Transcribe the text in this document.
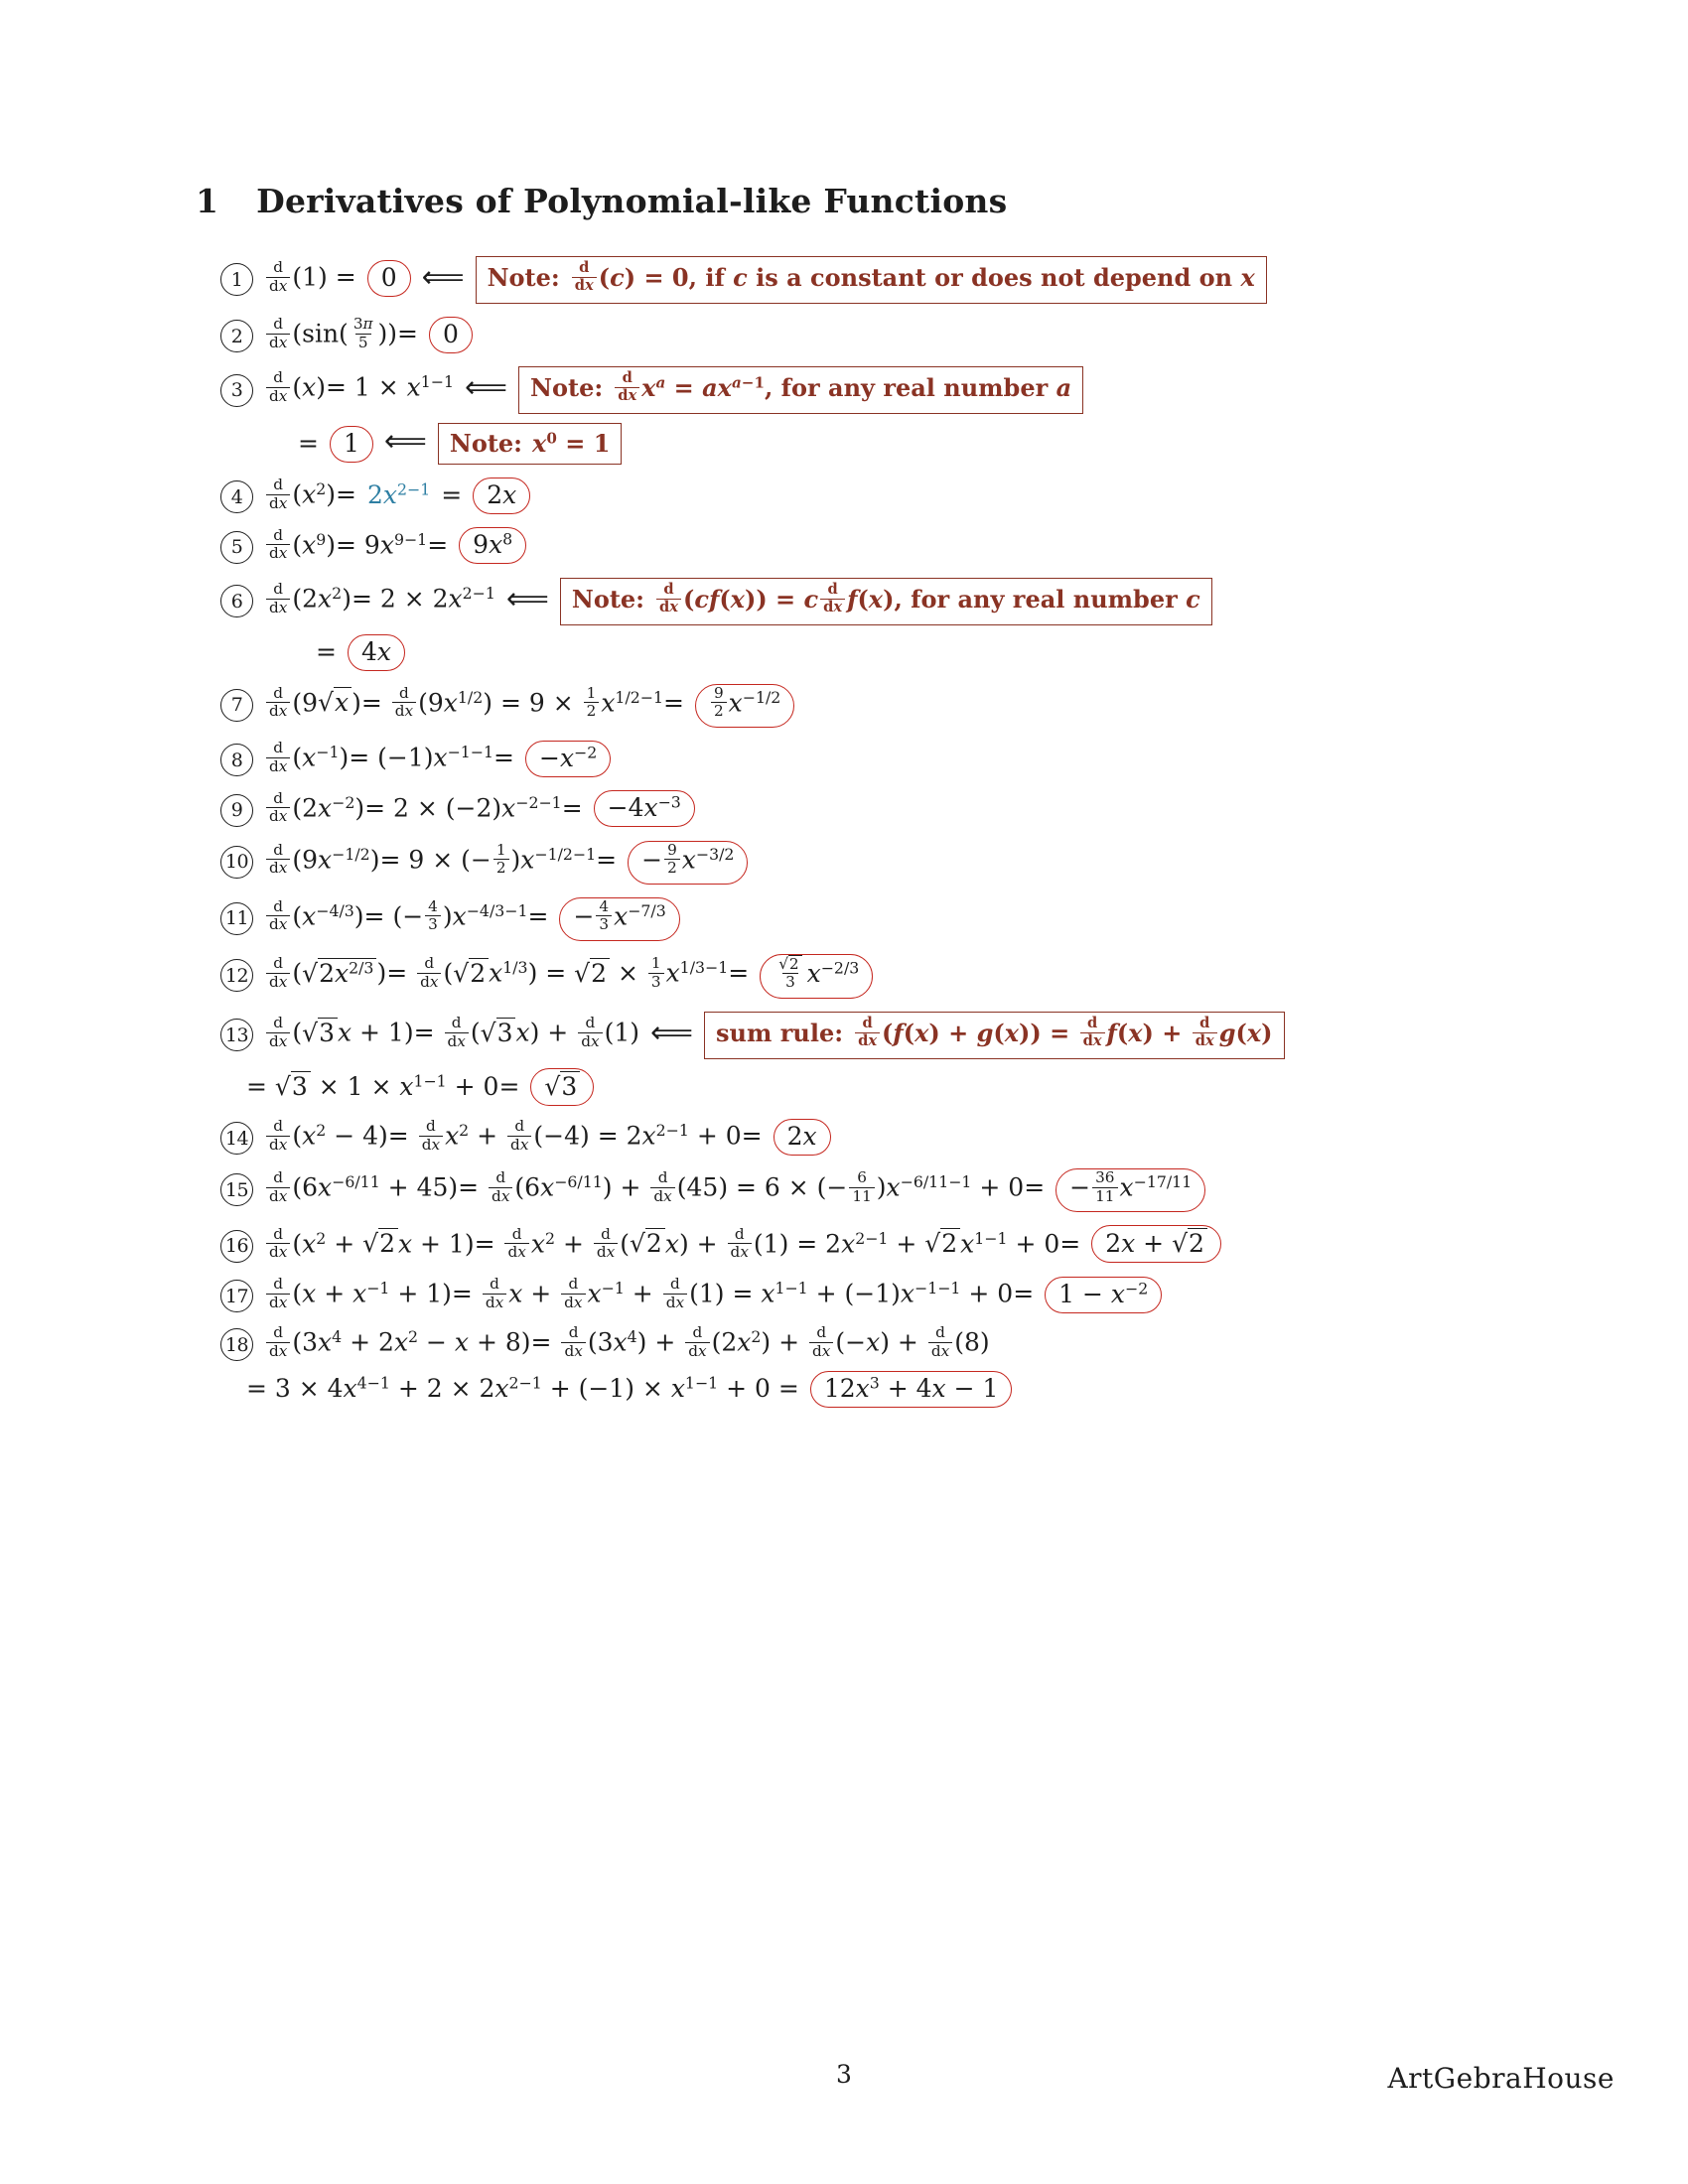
1 Derivatives of Polynomial-like Functions
1	$\frac{d}{dx} (1)$ =	0 ⟸ Note: $\frac{d}{dx} (c) = 0$, if c is a constant or does not depend on x
2	$\frac{d}{dx} (\sin( \frac{3\pi}{5}$ ))=	0
3	$\frac{d}{dx} (x)= 1 \times x^{1-1}$ ⟸ Note: $\frac{d}{dx} x^a = ax^{a-1}$, for any real number a
=	1 ⟸ Note: $x^0 = 1$
4	$\frac{d}{dx} (x^2)= 2x^{2-1}$ =	2x
5	$\frac{d}{dx} (x^9)= 9x^{9-1}=$	$9x^8$
6	$\frac{d}{dx} (2x^2)= 2 \times 2x^{2-1}$ ⟸ Note: $\frac{d}{dx} (cf(x)) = c \frac{d}{dx} f(x)$, for any real number c
=	4x
7	$\frac{d}{dx} (9√x$ )= $\frac{d}{dx} (9x^{1/2}) = 9 \times \frac{1}{2} x^{1/2-1}= \frac{9}{2} x^{-1/2}$
8	$\frac{d}{dx} (x^{-1})= (-1)x^{-1-1}=$	$-x^{-2}$
9	$\frac{d}{dx} (2x^{-2})= 2 \times (-2)x^{-2-1}=$	$-4x^{-3}$
10	$\frac{d}{dx} (9x^{-1/2})= 9$ × (− $\frac{1}{2} )x^{-1/2-1}=$	− $\frac{9}{2} x^{-3/2}$
11	$\frac{d}{dx} (x^{-4/3})=$ (− $\frac{4}{3} )x^{-4/3-1}=$	− $\frac{4}{3} x^{-7/3}$
12	$\frac{d}{dx} (√2x^{2/3}$ )= $\frac{d}{dx} (√2$ $x^{1/3}) = √2 \times \frac{1}{3} x^{1/3-1}= \frac{√2}{3} x^{-2/3}$
13	$\frac{d}{dx} (√3$ $x + 1)= \frac{d}{dx} (√3$ $x) + \frac{d}{dx} (1)$ ⟸ sum rule: $\frac{d}{dx} (f(x) + g(x)) = \frac{d}{dx} f(x) + \frac{d}{dx} g(x)$
= $√3 \times 1 \times x^{1-1} + 0=$	√3
14	$\frac{d}{dx} (x^2 - 4)= \frac{d}{dx} x^2 + \frac{d}{dx} (-4) = 2x^{2-1} + 0=$	2x
15	$\frac{d}{dx} (6x^{-6/11} + 45)= \frac{d}{dx} (6x^{-6/11}) + \frac{d}{dx} (45) = 6$ × (− $\frac{6}{11} )x^{-6/11-1} + 0=$	− $\frac{36}{11} x^{-17/11}$
16	$\frac{d}{dx} (x^2 + √2$ $x + 1)= \frac{d}{dx} x^2 + \frac{d}{dx} (√2$ $x) + \frac{d}{dx} (1) = 2x^{2-1} + √2$ $x^{1-1} + 0=$	2x + √2
17	$\frac{d}{dx} (x + x^{-1} + 1)= \frac{d}{dx}$ $x + \frac{d}{dx} x^{-1} + \frac{d}{dx} (1) = x^{1-1} + (-1)x^{-1-1} + 0=$	$1 - x^{-2}$
18	$\frac{d}{dx} (3x^4 + 2x^2 - x + 8)= \frac{d}{dx} (3x^4) + \frac{d}{dx} (2x^2) + \frac{d}{dx} (-x) + \frac{d}{dx} (8)$
= $3 \times 4x^{4-1} + 2 \times 2x^{2-1} + (-1) \times x^{1-1} + 0$ =	$12x^3 + 4x - 1$
3	ArtGebraHouse
